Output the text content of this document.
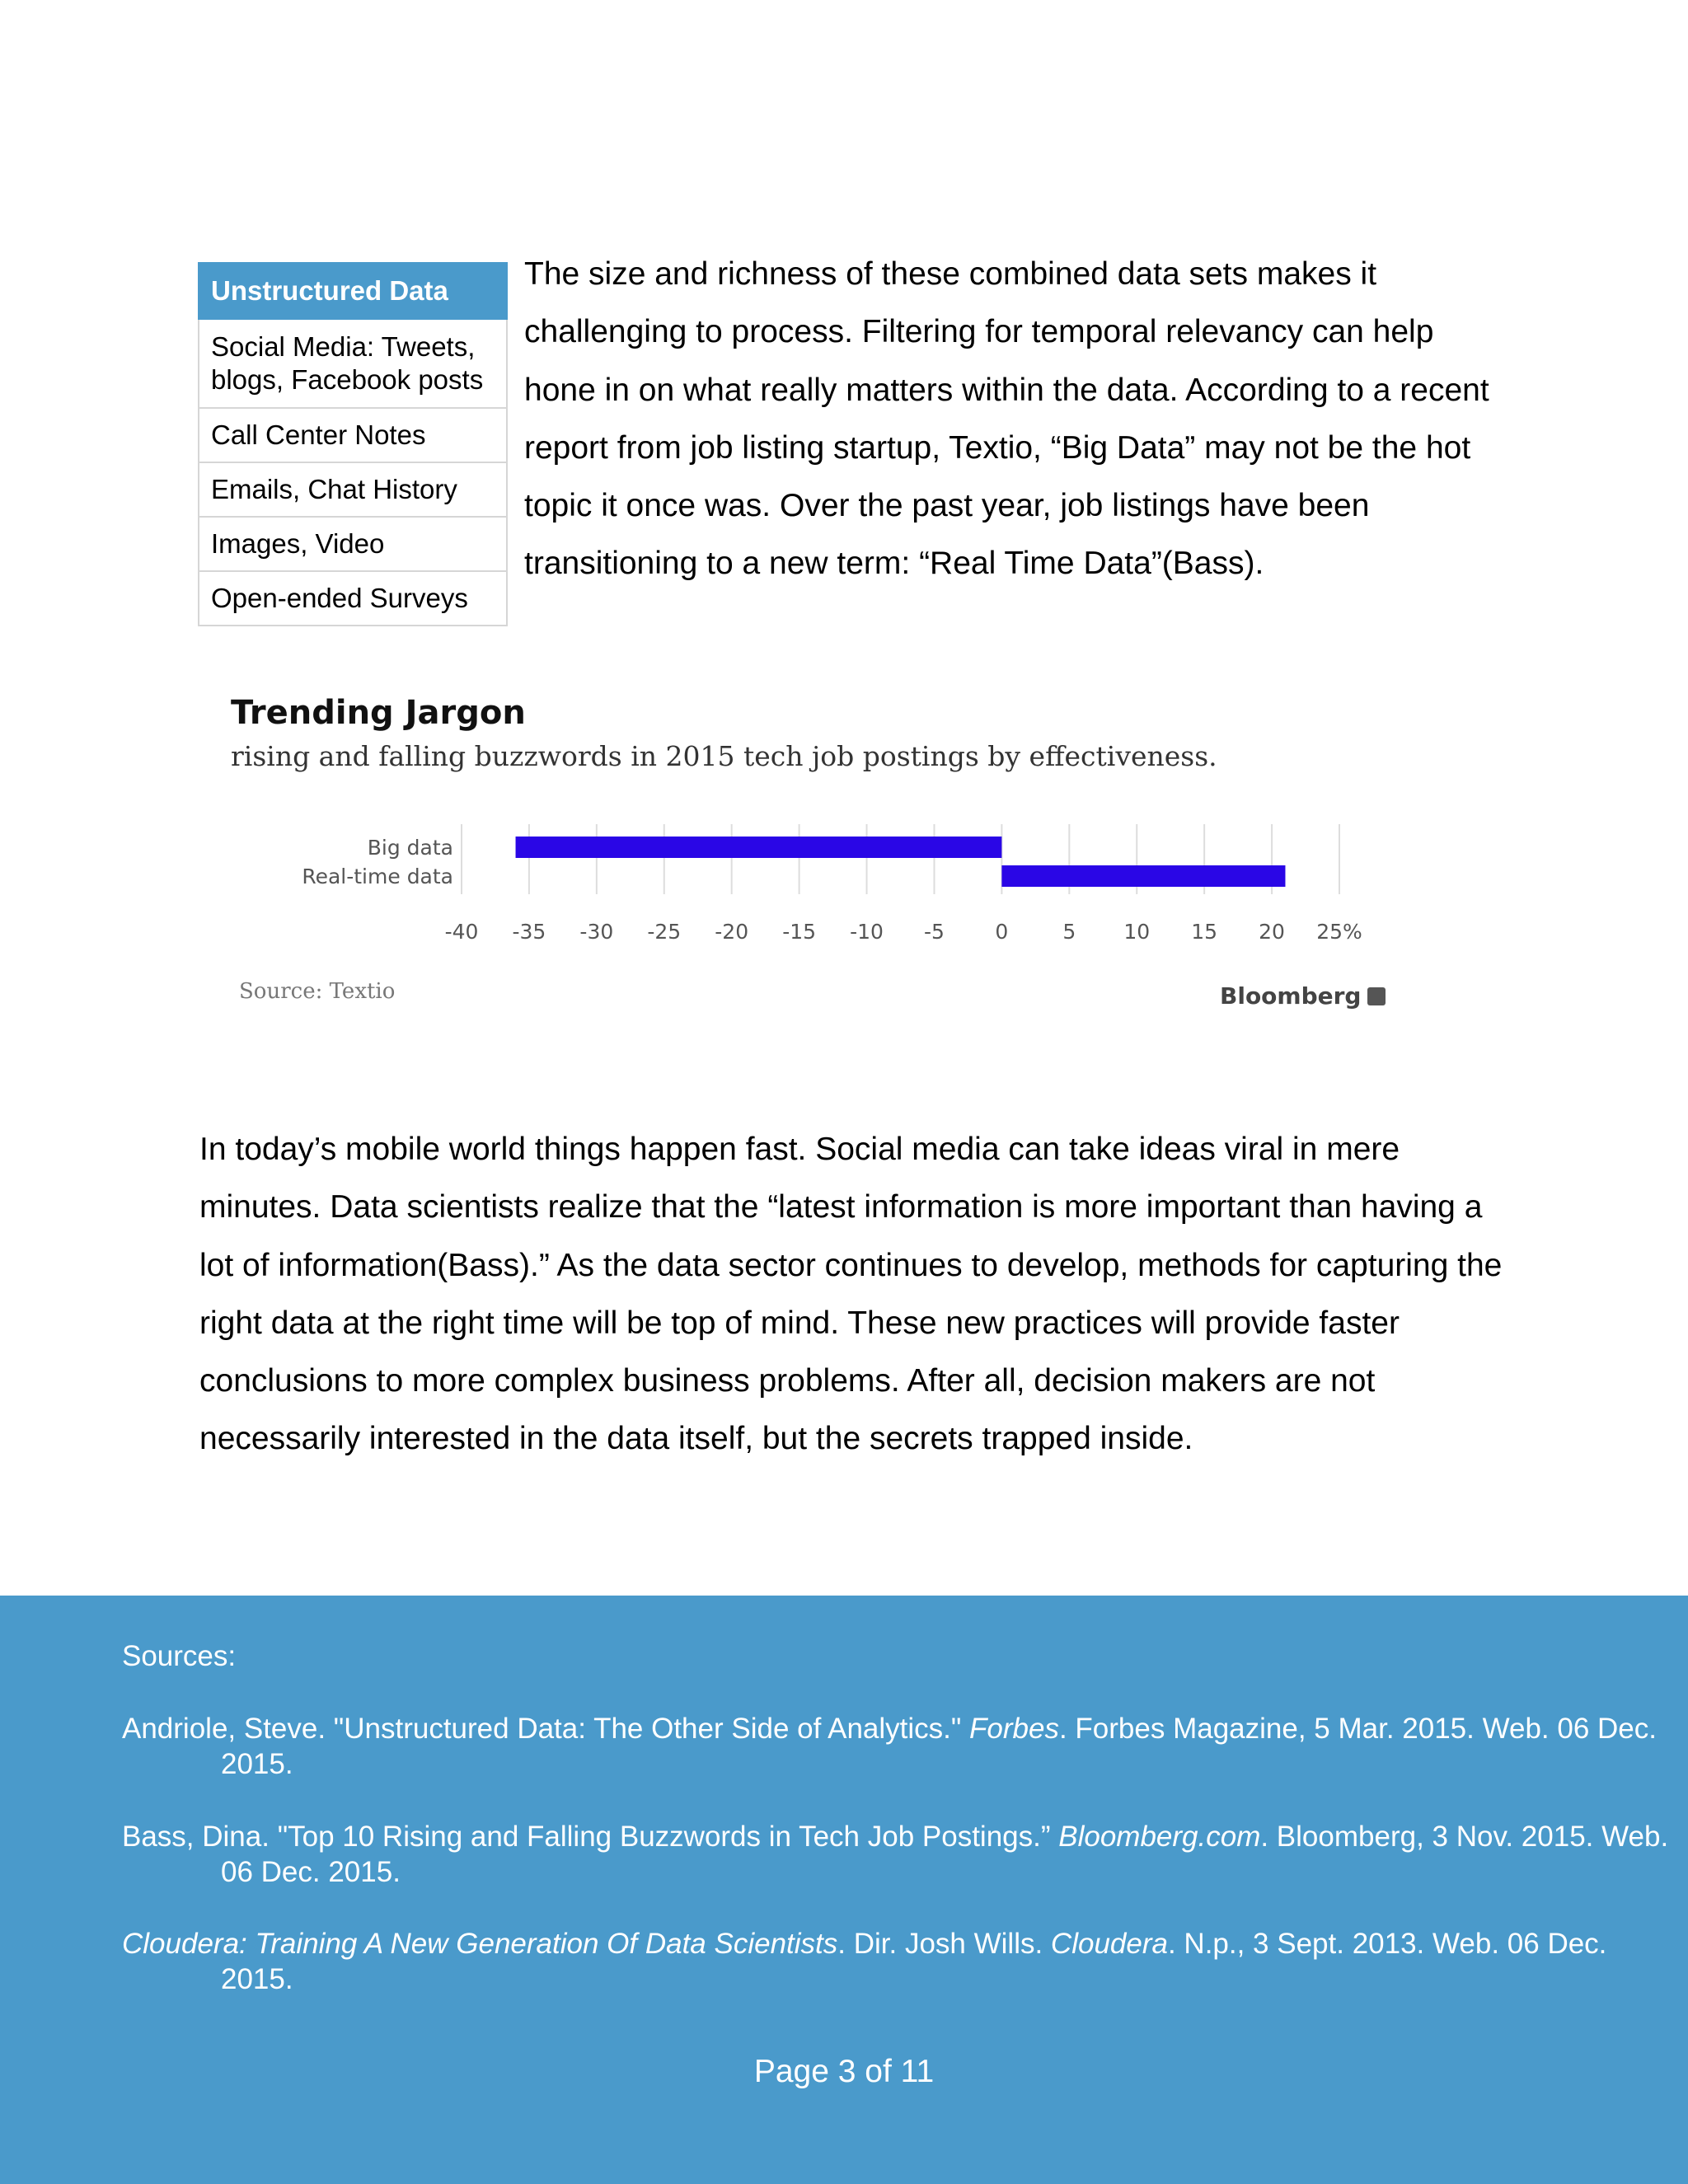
Unstructured Data
Social Media: Tweets, blogs, Facebook posts
Call Center Notes
Emails, Chat History
Images, Video
Open-ended Surveys

The size and richness of these combined data sets makes it challenging to process. Filtering for temporal relevancy can help hone in on what really matters within the data. According to a recent report from job listing startup, Textio, “Big Data” may not be the hot topic it once was. Over the past year, job listings have been transitioning to a new term: “Real Time Data”(Bass).

Trending Jargon

rising and falling buzzwords in 2015 tech job postings by effectiveness.

-40 -35 -30 -25 -20 -15 -10 -5 0	5 10 15 20 25%
Big data
Real-time data

Source: Textio	Bloomberg

In today’s mobile world things happen fast. Social media can take ideas viral in mere minutes. Data scientists realize that the “latest information is more important than having a lot of information(Bass).” As the data sector continues to develop, methods for capturing the right data at the right time will be top of mind. These new practices will provide faster conclusions to more complex business problems. After all, decision makers are not necessarily interested in the data itself, but the secrets trapped inside.

Sources:

Andriole, Steve. "Unstructured Data: The Other Side of Analytics." Forbes. Forbes Magazine, 5 Mar. 2015. Web. 06 Dec. 2015.

Bass, Dina. "Top 10 Rising and Falling Buzzwords in Tech Job Postings.” Bloomberg.com. Bloomberg, 3 Nov. 2015. Web. 06 Dec. 2015.

Cloudera: Training A New Generation Of Data Scientists. Dir. Josh Wills. Cloudera. N.p., 3 Sept. 2013. Web. 06 Dec. 2015.

Page 3 of 11
